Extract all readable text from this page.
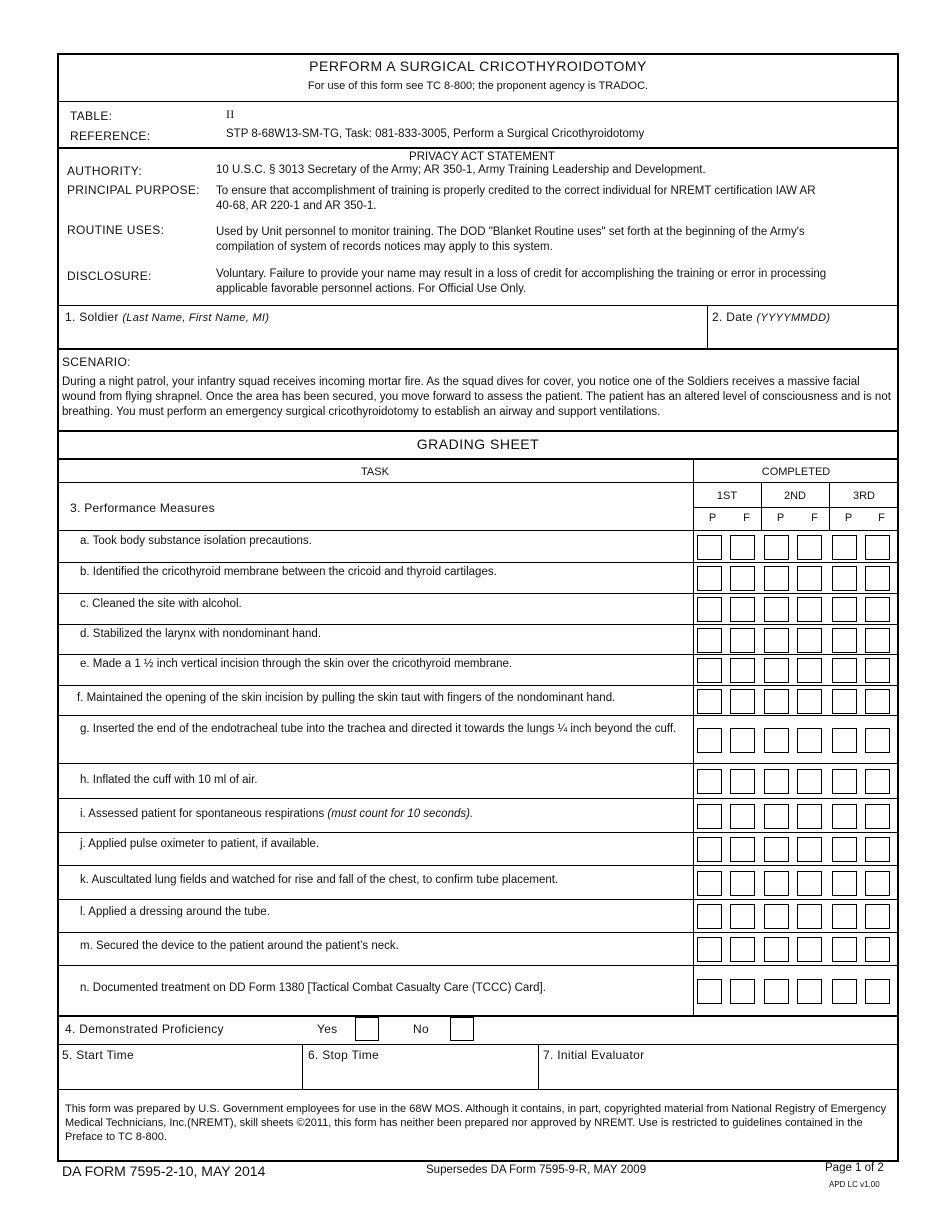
PERFORM A SURGICAL CRICOTHYROIDOTOMY
For use of this form see TC 8-800; the proponent agency is TRADOC.
TABLE:	II
REFERENCE:	STP 8-68W13-SM-TG, Task: 081-833-3005, Perform a Surgical Cricothyroidotomy
PRIVACY ACT STATEMENT
AUTHORITY:	10 U.S.C. § 3013 Secretary of the Army; AR 350-1, Army Training Leadership and Development.
PRINCIPAL PURPOSE: To ensure that accomplishment of training is properly credited to the correct individual for NREMT certification IAW AR 40-68, AR 220-1 and AR 350-1.
ROUTINE USES:	Used by Unit personnel to monitor training. The DOD "Blanket Routine uses" set forth at the beginning of the Army's compilation of system of records notices may apply to this system.
DISCLOSURE:	Voluntary. Failure to provide your name may result in a loss of credit for accomplishing the training or error in processing applicable favorable personnel actions. For Official Use Only.
1. Soldier (Last Name, First Name, MI)	2. Date (YYYYMMDD)
SCENARIO:
During a night patrol, your infantry squad receives incoming mortar fire. As the squad dives for cover, you notice one of the Soldiers receives a massive facial wound from flying shrapnel. Once the area has been secured, you move forward to assess the patient. The patient has an altered level of consciousness and is not breathing. You must perform an emergency surgical cricothyroidotomy to establish an airway and support ventilations.
GRADING SHEET
TASK	COMPLETED
1ST	2ND	3RD
P	F	P	F	P	F
3. Performance Measures
a. Took body substance isolation precautions.
b. Identified the cricothyroid membrane between the cricoid and thyroid cartilages.
c. Cleaned the site with alcohol.
d. Stabilized the larynx with nondominant hand.
e. Made a 1 ½ inch vertical incision through the skin over the cricothyroid membrane.
f. Maintained the opening of the skin incision by pulling the skin taut with fingers of the nondominant hand.
g. Inserted the end of the endotracheal tube into the trachea and directed it towards the lungs ¼ inch beyond the cuff.
h. Inflated the cuff with 10 ml of air.
i. Assessed patient for spontaneous respirations (must count for 10 seconds).
j. Applied pulse oximeter to patient, if available.
k. Auscultated lung fields and watched for rise and fall of the chest, to confirm tube placement.
l. Applied a dressing around the tube.
m. Secured the device to the patient around the patient’s neck.
n. Documented treatment on DD Form 1380 [Tactical Combat Casualty Care (TCCC) Card].
4. Demonstrated Proficiency	Yes	No
5. Start Time	6. Stop Time	7. Initial Evaluator
This form was prepared by U.S. Government employees for use in the 68W MOS. Although it contains, in part, copyrighted material from National Registry of Emergency Medical Technicians, Inc.(NREMT), skill sheets ©2011, this form has neither been prepared nor approved by NREMT. Use is restricted to guidelines contained in the Preface to TC 8-800.
DA FORM 7595-2-10, MAY 2014	Supersedes DA Form 7595-9-R, MAY 2009	Page 1 of 2
APD LC v1.00
